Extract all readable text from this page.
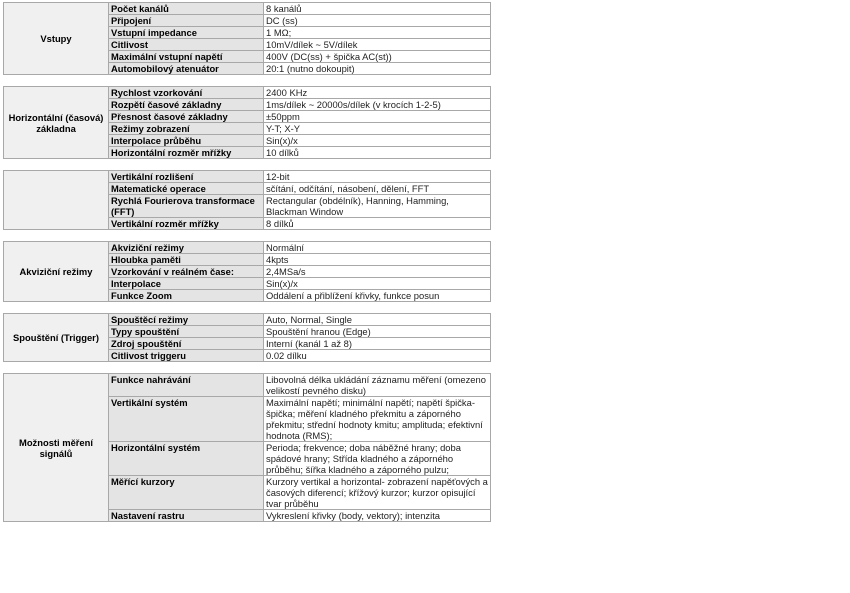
Vstupy	Počet kanálů	8 kanálů
	Připojení	DC (ss)
	Vstupní impedance	1 MΩ;
	Citlivost	10mV/dílek ~ 5V/dílek
	Maximální vstupní napětí	400V (DC(ss) + špička AC(st))
	Automobilový atenuátor	20:1 (nutno dokoupit)
Horizontální (časová) základna	Rychlost vzorkování	2400 KHz
	Rozpětí časové základny	1ms/dílek ~ 20000s/dílek (v krocích 1-2-5)
	Přesnost časové základny	±50ppm
	Režimy zobrazení	Y-T; X-Y
	Interpolace průběhu	Sin(x)/x
	Horizontální rozměr mřížky	10 dílků
	Vertikální rozlišení	12-bit
	Matematické operace	sčítání, odčítání, násobení, dělení, FFT
	Rychlá Fourierova transformace (FFT)	Rectangular (obdélník), Hanning, Hamming, Blackman Window
	Vertikální rozměr mřížky	8 dílků
Akviziční režimy	Akviziční režimy	Normální
	Hloubka paměti	4kpts
	Vzorkování v reálném čase:	2,4MSa/s
	Interpolace	Sin(x)/x
	Funkce Zoom	Oddálení a přiblížení křivky, funkce posun
Spouštění (Trigger)	Spouštěcí režimy	Auto, Normal, Single
	Typy spouštění	Spouštění hranou (Edge)
	Zdroj spouštění	Interní (kanál 1 až 8)
	Citlivost triggeru	0.02 dílku
Možnosti měření signálů	Funkce nahrávání	Libovolná délka ukládání záznamu měření (omezeno velikostí pevného disku)
	Vertikální systém	Maximální napětí; minimální napětí; napětí špička-špička; měření kladného překmitu a záporného překmitu; střední hodnoty kmitu; amplituda; efektivní hodnota (RMS);
	Horizontální systém	Perioda; frekvence; doba náběžné hrany; doba spádové hrany; Střída kladného a záporného průběhu; šířka kladného a záporného pulzu;
	Měřící kurzory	Kurzory vertikal a horizontal- zobrazení napěťových a časových diferencí; křížový kurzor; kurzor opisující tvar průběhu
	Nastavení rastru	Vykreslení křivky (body, vektory); intenzita
